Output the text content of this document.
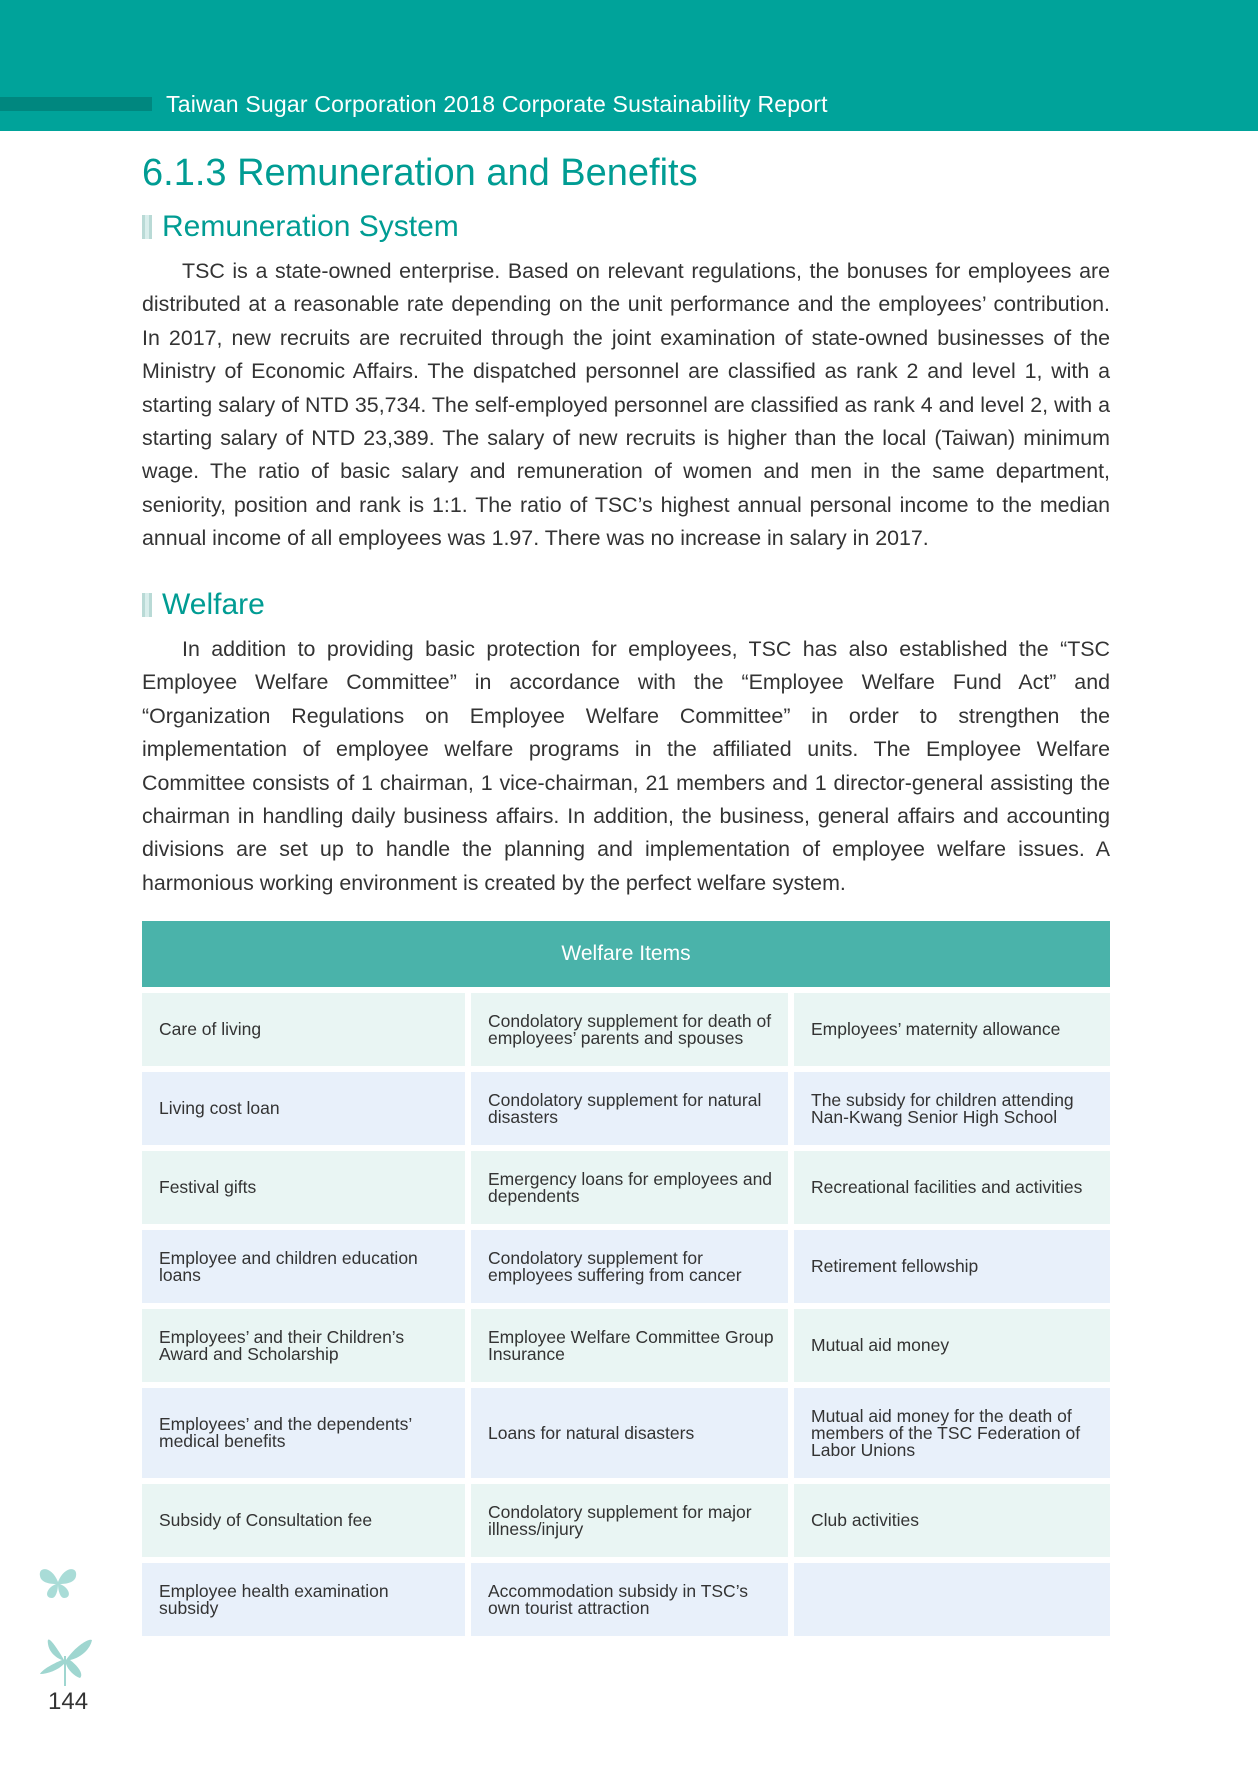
Taiwan Sugar Corporation 2018 Corporate Sustainability Report
6.1.3 Remuneration and Benefits
Remuneration System

TSC is a state-owned enterprise. Based on relevant regulations, the bonuses for employees are distributed at a reasonable rate depending on the unit performance and the employees’ contribution. In 2017, new recruits are recruited through the joint examination of state-owned businesses of the Ministry of Economic Affairs. The dispatched personnel are classified as rank 2 and level 1, with a starting salary of NTD 35,734. The self-employed personnel are classified as rank 4 and level 2, with a starting salary of NTD 23,389. The salary of new recruits is higher than the local (Taiwan) minimum wage. The ratio of basic salary and remuneration of women and men in the same department, seniority, position and rank is 1:1. The ratio of TSC’s highest annual personal income to the median annual income of all employees was 1.97. There was no increase in salary in 2017.

Welfare

In addition to providing basic protection for employees, TSC has also established the “TSC Employee Welfare Committee” in accordance with the “Employee Welfare Fund Act” and “Organization Regulations on Employee Welfare Committee” in order to strengthen the implementation of employee welfare programs in the affiliated units. The Employee Welfare Committee consists of 1 chairman, 1 vice-chairman, 21 members and 1 director-general assisting the chairman in handling daily business affairs. In addition, the business, general affairs and accounting divisions are set up to handle the planning and implementation of employee welfare issues. A harmonious working environment is created by the perfect welfare system.

Welfare Items		
Care of living	Condolatory supplement for death of employees’ parents and spouses	Employees’ maternity allowance
Living cost loan	Condolatory supplement for natural disasters	The subsidy for children attending Nan-Kwang Senior High School
Festival gifts	Emergency loans for employees and dependents	Recreational facilities and activities
Employee and children education loans	Condolatory supplement for employees suffering from cancer	Retirement fellowship
Employees’ and their Children’s Award and Scholarship	Employee Welfare Committee Group Insurance	Mutual aid money
Employees’ and the dependents’ medical benefits	Loans for natural disasters	Mutual aid money for the death of members of the TSC Federation of Labor Unions
Subsidy of Consultation fee	Condolatory supplement for major illness/injury	Club activities
Employee health examination subsidy	Accommodation subsidy in TSC’s own tourist attraction	
144
